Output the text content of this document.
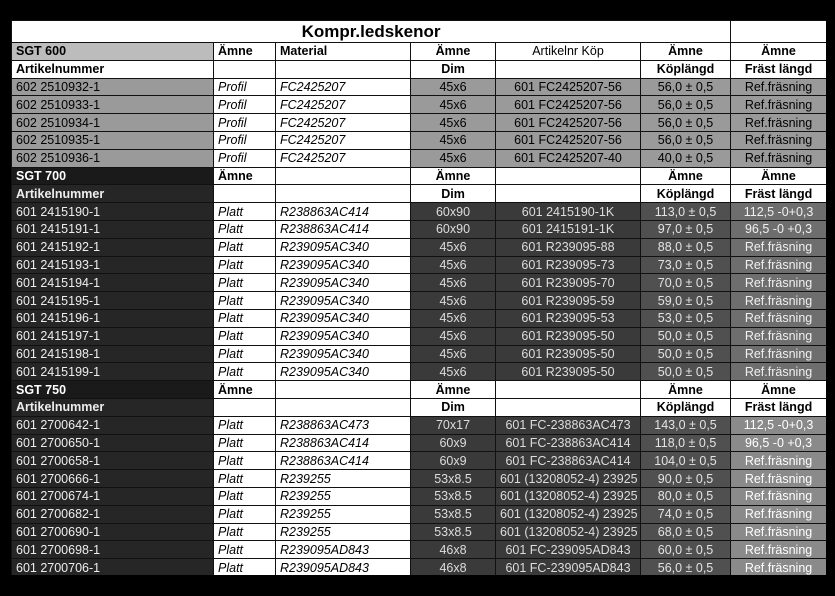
Kompr.ledskenor						
SGT 600	Ämne	Material	Ämne	Artikelnr Köp	Ämne	Ämne
Artikelnummer			Dim		Köplängd	Fräst längd
602 2510932-1	Profil	FC2425207	45x6	601 FC2425207-56	56,0 ± 0,5	Ref.fräsning
602 2510933-1	Profil	FC2425207	45x6	601 FC2425207-56	56,0 ± 0,5	Ref.fräsning
602 2510934-1	Profil	FC2425207	45x6	601 FC2425207-56	56,0 ± 0,5	Ref.fräsning
602 2510935-1	Profil	FC2425207	45x6	601 FC2425207-56	56,0 ± 0,5	Ref.fräsning
602 2510936-1	Profil	FC2425207	45x6	601 FC2425207-40	40,0 ± 0,5	Ref.fräsning
SGT 700	Ämne		Ämne		Ämne	Ämne
Artikelnummer			Dim		Köplängd	Fräst längd
601 2415190-1	Platt	R238863AC414	60x90	601 2415190-1K	113,0 ± 0,5	112,5 -0+0,3
601 2415191-1	Platt	R238863AC414	60x90	601 2415191-1K	97,0 ± 0,5	96,5 -0 +0,3
601 2415192-1	Platt	R239095AC340	45x6	601 R239095-88	88,0 ± 0,5	Ref.fräsning
601 2415193-1	Platt	R239095AC340	45x6	601 R239095-73	73,0 ± 0,5	Ref.fräsning
601 2415194-1	Platt	R239095AC340	45x6	601 R239095-70	70,0 ± 0,5	Ref.fräsning
601 2415195-1	Platt	R239095AC340	45x6	601 R239095-59	59,0 ± 0,5	Ref.fräsning
601 2415196-1	Platt	R239095AC340	45x6	601 R239095-53	53,0 ± 0,5	Ref.fräsning
601 2415197-1	Platt	R239095AC340	45x6	601 R239095-50	50,0 ± 0,5	Ref.fräsning
601 2415198-1	Platt	R239095AC340	45x6	601 R239095-50	50,0 ± 0,5	Ref.fräsning
601 2415199-1	Platt	R239095AC340	45x6	601 R239095-50	50,0 ± 0,5	Ref.fräsning
SGT 750	Ämne		Ämne		Ämne	Ämne
Artikelnummer			Dim		Köplängd	Fräst längd
601 2700642-1	Platt	R238863AC473	70x17	601 FC-238863AC473	143,0 ± 0,5	112,5 -0+0,3
601 2700650-1	Platt	R238863AC414	60x9	601 FC-238863AC414	118,0 ± 0,5	96,5 -0 +0,3
601 2700658-1	Platt	R238863AC414	60x9	601 FC-238863AC414	104,0 ± 0,5	Ref.fräsning
601 2700666-1	Platt	R239255	53x8.5	601 (13208052-4) 23925	90,0 ± 0,5	Ref.fräsning
601 2700674-1	Platt	R239255	53x8.5	601 (13208052-4) 23925	80,0 ± 0,5	Ref.fräsning
601 2700682-1	Platt	R239255	53x8.5	601 (13208052-4) 23925	74,0 ± 0,5	Ref.fräsning
601 2700690-1	Platt	R239255	53x8.5	601 (13208052-4) 23925	68,0 ± 0,5	Ref.fräsning
601 2700698-1	Platt	R239095AD843	46x8	601 FC-239095AD843	60,0 ± 0,5	Ref.fräsning
601 2700706-1	Platt	R239095AD843	46x8	601 FC-239095AD843	56,0 ± 0,5	Ref.fräsning
